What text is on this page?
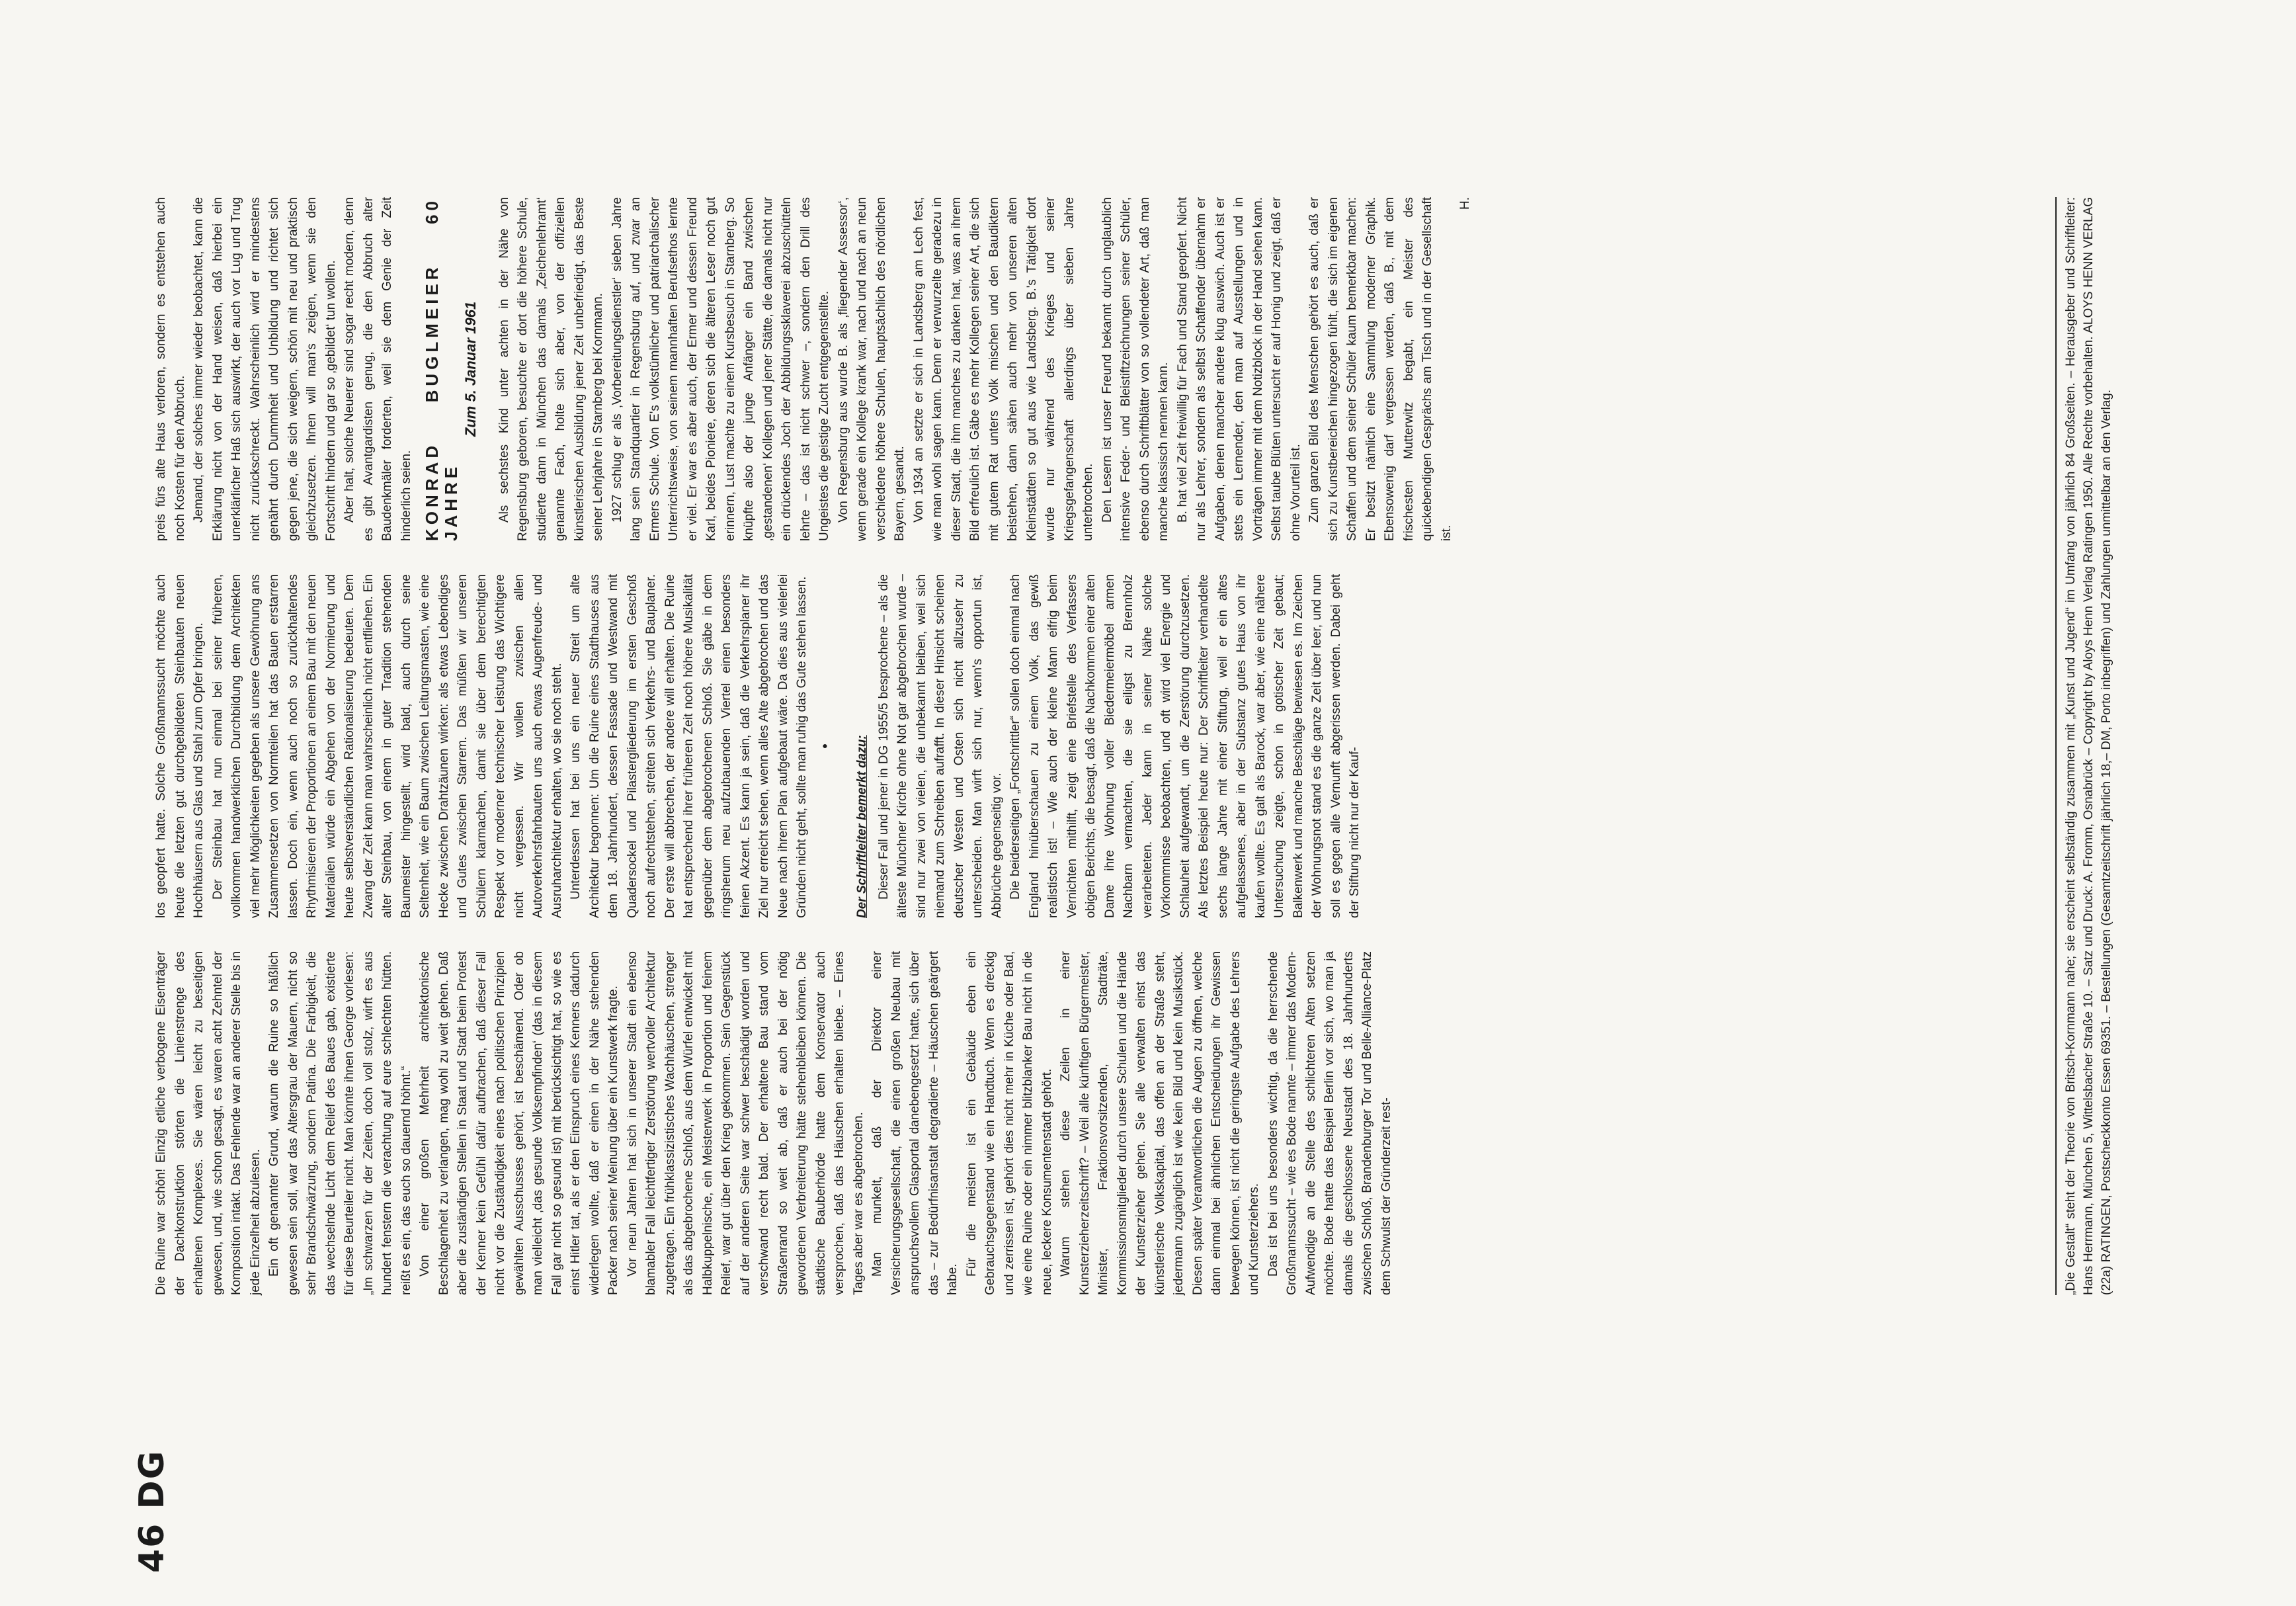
46 DG

Die Ruine war schön! Einzig etliche verbogene Eisenträger der Dachkonstruktion störten die Linienstrenge des erhaltenen Komplexes. Sie wären leicht zu beseitigen gewesen, und, wie schon gesagt, es waren acht Zehntel der Komposition intakt. Das Fehlende war an anderer Stelle bis in jede Einzelheit abzulesen. Ein oft genannter Grund, warum die Ruine so häßlich gewesen sein soll, war das Altersgrau der Mauern, nicht so sehr Brandschwärzung, sondern Patina. Die Farbigkeit, die das wechselnde Licht dem Relief des Baues gab, existierte für diese Beurteiler nicht. Man könnte ihnen George vorlesen: „Im schwarzen für der Zeiten, doch voll stolz, wirft es aus hundert fenstern die verachtung auf eure schlechten hütten. reißt es ein, das euch so dauernd höhnt.“ Von einer großen Mehrheit architektonische Beschlagenheit zu verlangen, mag wohl zu weit gehen. Daß aber die zuständigen Stellen in Staat und Stadt beim Protest der Kenner kein Gefühl dafür aufbrachen, daß dieser Fall nicht vor die Zuständigkeit eines nach politischen Prinzipien gewählten Ausschusses gehört, ist beschämend. Oder ob man vielleicht ‚das gesunde Volksempfinden‘ (das in diesem Fall gar nicht so gesund ist) mit berücksichtigt hat, so wie es einst Hitler tat, als er den Einspruch eines Kenners dadurch widerlegen wollte, daß er einen in der Nähe stehenden Packer nach seiner Meinung über ein Kunstwerk fragte. Vor neun Jahren hat sich in unserer Stadt ein ebenso blamabler Fall leichtfertiger Zerstörung wertvoller Architektur zugetragen. Ein frühklassizistisches Wachhäuschen, strenger als das abgebrochene Schloß, aus dem Würfel entwickelt mit Halbkuppelnische, ein Meisterwerk in Proportion und feinem Relief, war gut über den Krieg gekommen. Sein Gegenstück auf der anderen Seite war schwer beschädigt worden und verschwand recht bald. Der erhaltene Bau stand vom Straßenrand so weit ab, daß er auch bei der nötig gewordenen Verbreiterung hätte stehenbleiben können. Die städtische Bauberhörde hatte dem Konservator auch versprochen, daß das Häuschen erhalten bliebe. – Eines Tages aber war es abgebrochen. Man munkelt, daß der Direktor einer Versicherungsgesellschaft, die einen großen Neubau mit anspruchsvollem Glasportal danebengesetzt hatte, sich über das – zur Bedürfnisanstalt degradierte – Häuschen geärgert habe.

Für die meisten ist ein Gebäude eben ein Gebrauchsgegenstand wie ein Handtuch. Wenn es dreckig und zerrissen ist, gehört dies nicht mehr in Küche oder Bad, wie eine Ruine oder ein nimmer blitzblanker Bau nicht in die neue, leckere Konsumentenstadt gehört. Warum stehen diese Zeilen in einer Kunsterzieherzeitschrift? – Weil alle künftigen Bürgermeister, Minister, Fraktionsvorsitzenden, Stadträte, Kommissionsmitglieder durch unsere Schulen und die Hände der Kunsterzieher gehen. Sie alle verwalten einst das künstlerische Volkskapital, das offen an der Straße steht, jedermann zugänglich ist wie kein Bild und kein Musikstück. Diesen später Verantwortlichen die Augen zu öffnen, welche dann einmal bei ähnlichen Entscheidungen ihr Gewissen bewegen können, ist nicht die geringste Aufgabe des Lehrers und Kunsterziehers. Das ist bei uns besonders wichtig, da die herrschende Großmannssucht – wie es Bode nannte – immer das Modern-Aufwendige an die Stelle des schlichteren Alten setzen möchte. Bode hatte das Beispiel Berlin vor sich, wo man ja damals die geschlossene Neustadt des 18. Jahrhunderts zwischen Schloß, Brandenburger Tor und Belle-Alliance-Platz dem Schwulst der Gründerzeit rest-

los geopfert hatte. Solche Großmannssucht möchte auch heute die letzten gut durchgebildeten Steinbauten neuen Hochhäusern aus Glas und Stahl zum Opfer bringen. Der Steinbau hat nun einmal bei seiner früheren, vollkommen handwerklichen Durchbildung dem Architekten viel mehr Möglichkeiten gegeben als unsere Gewöhnung ans Zusammensetzen von Normteilen hat das Bauen erstarren lassen. Doch ein, wenn auch noch so zurückhaltendes Rhythmisieren der Proportionen an einem Bau mit den neuen Materialien würde ein Abgehen von der Normierung und heute selbstverständlichen Rationalisierung bedeuten. Dem Zwang der Zeit kann man wahrscheinlich nicht entfliehen. Ein alter Steinbau, von einem in guter Tradition stehenden Baumeister hingestellt, wird bald, auch durch seine Seltenheit, wie ein Baum zwischen Leitungsmasten, wie eine Hecke zwischen Drahtzäunen wirken: als etwas Lebendiges und Gutes zwischen Starrem. Das müßten wir unseren Schülern klarmachen, damit sie über dem berechtigten Respekt vor moderner technischer Leistung das Wichtigere nicht vergessen. Wir wollen zwischen allen Autoverkehrsfahrbauten uns auch etwas Augenfreude- und Ausruharchitektur erhalten, wo sie noch steht. Unterdessen hat bei uns ein neuer Streit um alte Architektur begonnen: Um die Ruine eines Stadthauses aus dem 18. Jahrhundert, dessen Fassade und Westwand mit Quadersockel und Pilastergliederung im ersten Geschoß noch aufrechtstehen, streiten sich Verkehrs- und Bauplaner. Der erste will abbrechen, der andere will erhalten. Die Ruine hat entsprechend ihrer früheren Zeit noch höhere Musikalität gegenüber dem abgebrochenen Schloß. Sie gäbe in dem ringsherum neu aufzubauenden Viertel einen besonders feinen Akzent. Es kann ja sein, daß die Verkehrsplaner ihr Ziel nur erreicht sehen, wenn alles Alte abgebrochen und das Neue nach ihrem Plan aufgebaut wäre. Da dies aus vielerlei Gründen nicht geht, sollte man ruhig das Gute stehen lassen. • Der Schriftleiter bemerkt dazu: Dieser Fall und jener in DG 1955/5 besprochene – als die älteste Münchner Kirche ohne Not gar abgebrochen wurde – sind nur zwei von vielen, die unbekannt bleiben, weil sich niemand zum Schreiben aufrafft. In dieser Hinsicht scheinen deutscher Westen und Osten sich nicht allzusehr zu unterscheiden. Man wirft sich nur, wenn's opportun ist, Abbrüche gegenseitig vor. Die beiderseitigen „Fortschrittler“ sollen doch einmal nach England hinüberschauen zu einem Volk, das gewiß realistisch ist! – Wie auch der kleine Mann eifrig beim Vernichten mithilft, zeigt eine Briefstelle des Verfassers obigen Berichts, die besagt, daß die Nachkommen einer alten Dame ihre Wohnung voller Biedermeiermöbel armen Nachbarn vermachten, die sie eiligst zu Brennholz verarbeiteten. Jeder kann in seiner Nähe solche Vorkommnisse beobachten, und oft wird viel Energie und Schlauheit aufgewandt, um die Zerstörung durchzusetzen. Als letztes Beispiel heute nur: Der Schriftleiter verhandelte sechs lange Jahre mit einer Stiftung, weil er ein altes aufgelassenes, aber in der Substanz gutes Haus von ihr kaufen wollte. Es galt als Barock, war aber, wie eine nähere Untersuchung zeigte, schon in gotischer Zeit gebaut; Balkenwerk und manche Beschläge bewiesen es. Im Zeichen der Wohnungsnot stand es die ganze Zeit über leer, und nun soll es gegen alle Vernunft abgerissen werden. Dabei geht der Stiftung nicht nur der Kauf-

preis fürs alte Haus verloren, sondern es entstehen auch noch Kosten für den Abbruch. Jemand, der solches immer wieder beobachtet, kann die Erklärung nicht von der Hand weisen, daß hierbei ein unerklärlicher Haß sich auswirkt, der auch vor Lug und Trug nicht zurückschreckt. Wahrscheinlich wird er mindestens genährt durch Dummheit und Unbildung und richtet sich gegen jene, die sich weigern, schön mit neu und praktisch gleichzusetzen. Ihnen will man's zeigen, wenn sie den Fortschritt hindern und gar so ‚gebildet‘ tun wollen. Aber halt, solche Neuerer sind sogar recht modern, denn es gibt Avantgardisten genug, die den Abbruch alter Baudenkmäler forderten, weil sie dem Genie der Zeit hinderlich seien. KONRAD BUGLMEIER 60 JAHRE

Zum 5. Januar 1961 Als sechstes Kind unter achten in der Nähe von Regensburg geboren, besuchte er dort die höhere Schule, studierte dann in München das damals ‚Zeichenlehramt‘ genannte Fach, holte sich aber, von der offiziellen künstlerischen Ausbildung jener Zeit unbefriedigt, das Beste seiner Lehrjahre in Starnberg bei Kornmann. 1927 schlug er als ‚Vorbereitungsdienstler‘ sieben Jahre lang sein Standquartier in Regensburg auf, und zwar an Ermers Schule. Von E's volkstümlicher und patriarchalischer Unterrichtsweise, von seinem mannhaften Berufsethos lernte er viel. Er war es aber auch, der Ermer und dessen Freund Karl, beides Pioniere, deren sich die älteren Leser noch gut erinnern, Lust machte zu einem Kursbesuch in Starnberg. So knüpfte also der junge Anfänger ein Band zwischen ‚gestandenen‘ Kollegen und jener Stätte, die damals nicht nur ein drückendes Joch der Abbildungssklaverei abzuschütteln lehrte – das ist nicht schwer –, sondern den Drill des Ungeistes die geistige Zucht entgegenstellte. Von Regensburg aus wurde B. als ‚fliegender Assessor‘, wenn gerade ein Kollege krank war, nach und nach an neun verschiedene höhere Schulen, hauptsächlich des nördlichen Bayern, gesandt. Von 1934 an setzte er sich in Landsberg am Lech fest, wie man wohl sagen kann. Denn er verwurzelte geradezu in dieser Stadt, die ihm manches zu danken hat, was an ihrem Bild erfreulich ist. Gäbe es mehr Kollegen seiner Art, die sich mit gutem Rat unters Volk mischen und den Baudiktern beistehen, dann sähen auch mehr von unseren alten Kleinstädten so gut aus wie Landsberg. B.'s Tätigkeit dort wurde nur während des Krieges und seiner Kriegsgefangenschaft allerdings über sieben Jahre unterbrochen. Den Lesern ist unser Freund bekannt durch unglaublich intensive Feder- und Bleistiftzeichnungen seiner Schüler, ebenso durch Schriftblätter von so vollendeter Art, daß man manche klassisch nennen kann. B. hat viel Zeit freiwillig für Fach und Stand geopfert. Nicht nur als Lehrer, sondern als selbst Schaffender übernahm er Aufgaben, denen mancher andere klug auswich. Auch ist er stets ein Lernender, den man auf Ausstellungen und in Vorträgen immer mit dem Notizblock in der Hand sehen kann. Selbst taube Blüten untersucht er auf Honig und zeigt, daß er ohne Vorurteil ist. Zum ganzen Bild des Menschen gehört es auch, daß er sich zu Kunstbereichen hingezogen fühlt, die sich im eigenen Schaffen und dem seiner Schüler kaum bemerkbar machen: Er besitzt nämlich eine Sammlung moderner Graphik. Ebensowenig darf vergessen werden, daß B., mit dem frischesten Mutterwitz begabt, ein Meister des quickebendigen Gesprächs am Tisch und in der Gesellschaft ist.

H.	„Die Gestalt“ steht der Theorie von Britsch-Kornmann nahe; sie erscheint selbständig zusammen mit „Kunst und Jugend“ im Umfang von jährlich 84 Großseiten. – Herausgeber und Schriftleiter: Hans Herrmann, München 5, Wittelsbacher Straße 10. – Satz und Druck: A. Fromm, Osnabrück – Copyright by Aloys Henn Verlag Ratingen 1950. Alle Rechte vorbehalten. ALOYS HENN VERLAG (22a) RATINGEN, Postscheckkonto Essen 69351. – Bestellungen (Gesamtzeitschrift jährlich 18,– DM, Porto inbegriffen) und Zahlungen unmittelbar an den Verlag.
